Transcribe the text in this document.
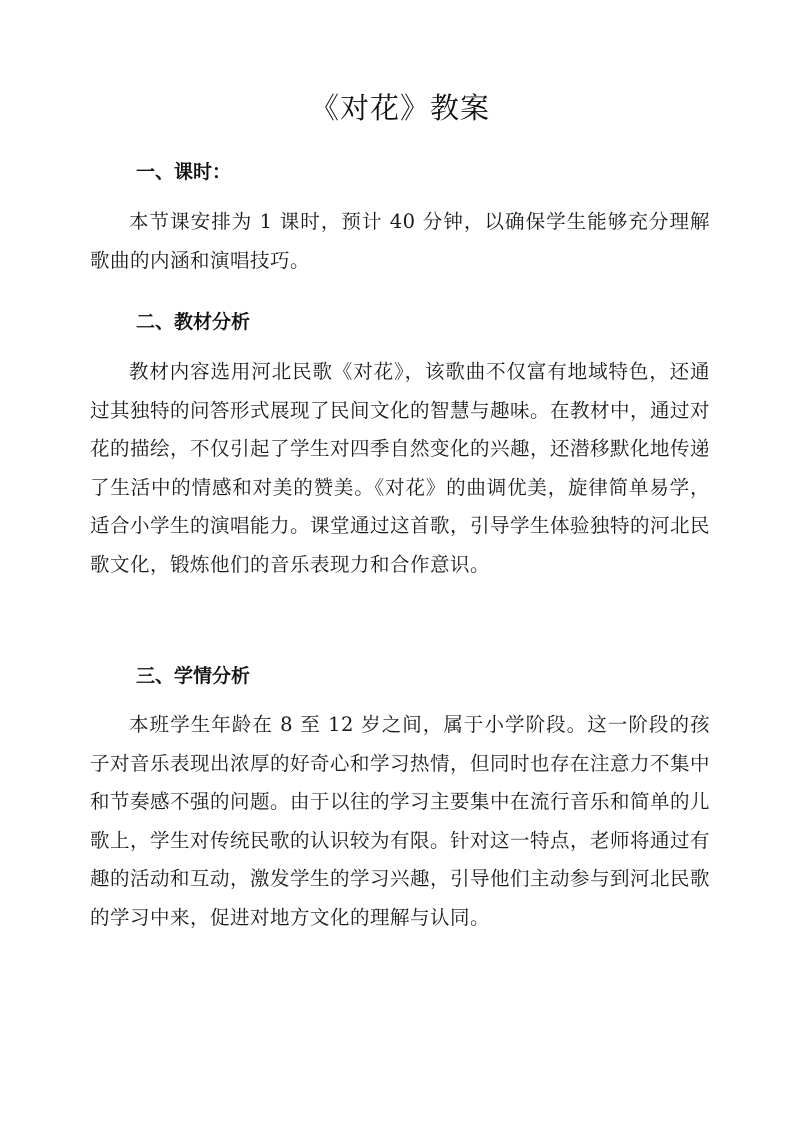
《对花》教案
一、课时：
本节课安排为 1 课时，预计 40 分钟，以确保学生能够充分理解歌曲的内涵和演唱技巧。
二、教材分析
教材内容选用河北民歌《对花》，该歌曲不仅富有地域特色，还通过其独特的问答形式展现了民间文化的智慧与趣味。在教材中，通过对花的描绘，不仅引起了学生对四季自然变化的兴趣，还潜移默化地传递了生活中的情感和对美的赞美。《对花》的曲调优美，旋律简单易学，适合小学生的演唱能力。课堂通过这首歌，引导学生体验独特的河北民歌文化，锻炼他们的音乐表现力和合作意识。
三、学情分析
本班学生年龄在 8 至 12 岁之间，属于小学阶段。这一阶段的孩子对音乐表现出浓厚的好奇心和学习热情，但同时也存在注意力不集中和节奏感不强的问题。由于以往的学习主要集中在流行音乐和简单的儿歌上，学生对传统民歌的认识较为有限。针对这一特点，老师将通过有趣的活动和互动，激发学生的学习兴趣，引导他们主动参与到河北民歌的学习中来，促进对地方文化的理解与认同。
